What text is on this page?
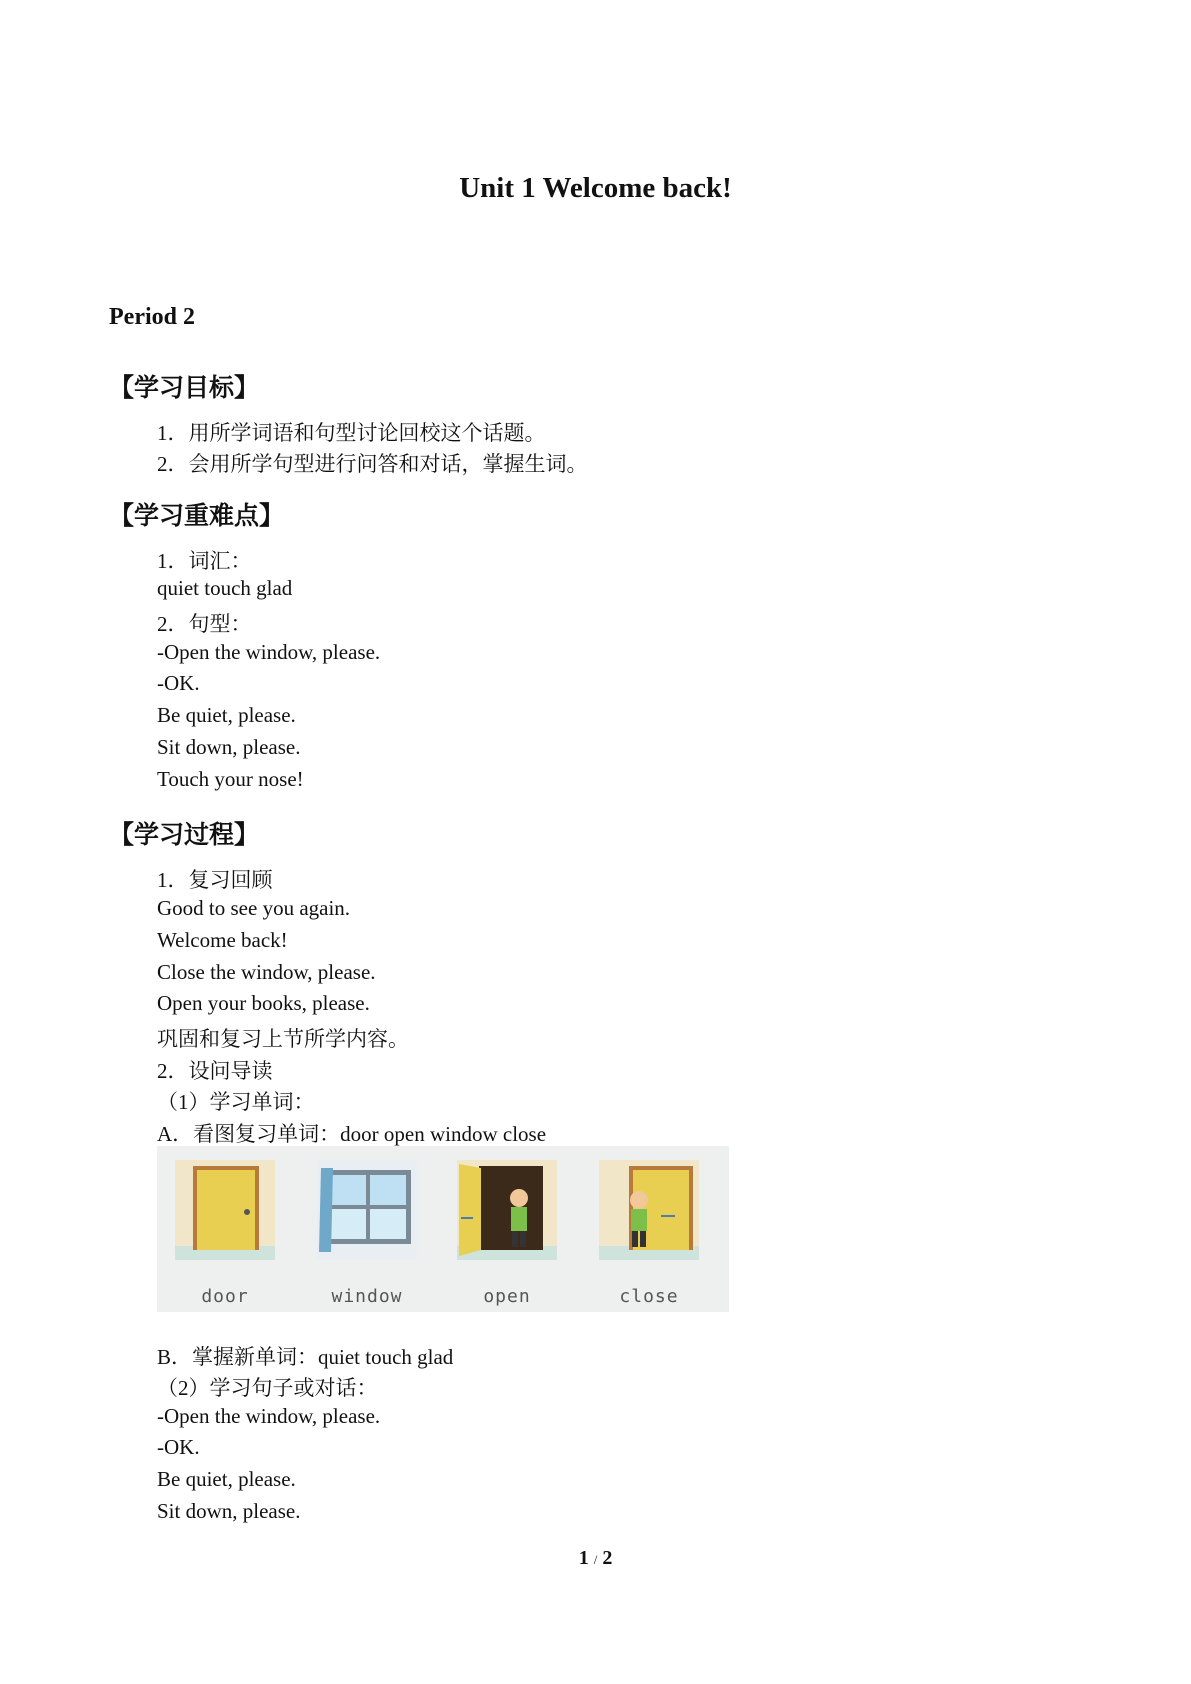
Unit 1 Welcome back!
Period 2
【学习目标】
1．用所学词语和句型讨论回校这个话题。
2．会用所学句型进行问答和对话，掌握生词。
【学习重难点】
1．词汇：
quiet touch glad
2．句型：
-Open the window, please.
-OK.
Be quiet, please.
Sit down, please.
Touch your nose!
【学习过程】
1．复习回顾
Good to see you again.
Welcome back!
Close the window, please.
Open your books, please.
巩固和复习上节所学内容。
2．设问导读
（1）学习单词：
A．看图复习单词：door open window close
door	window	open	close
B．掌握新单词：quiet touch glad
（2）学习句子或对话：
-Open the window, please.
-OK.
Be quiet, please.
Sit down, please.
1 / 2
